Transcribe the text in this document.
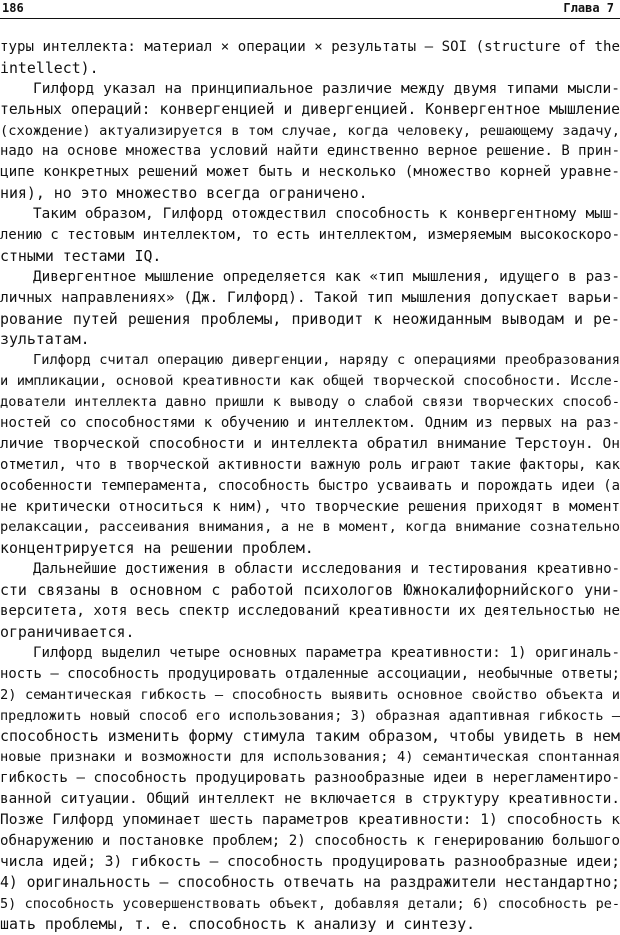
186	Глава 7
туры интеллекта: материал × операции × результаты — SOI (structure of the
intellect).
Гилфорд указал на принципиальное различие между двумя типами мысли-
тельных операций: конвергенцией и дивергенцией. Конвергентное мышление
(схождение) актуализируется в том случае, когда человеку, решающему задачу,
надо на основе множества условий найти единственно верное решение. В прин-
ципе конкретных решений может быть и несколько (множество корней уравне-
ния), но это множество всегда ограничено.
Таким образом, Гилфорд отождествил способность к конвергентному мыш-
лению с тестовым интеллектом, то есть интеллектом, измеряемым высокоскоро-
стными тестами IQ.
Дивергентное мышление определяется как «тип мышления, идущего в раз-
личных направлениях» (Дж. Гилфорд). Такой тип мышления допускает варьи-
рование путей решения проблемы, приводит к неожиданным выводам и ре-
зультатам.
Гилфорд считал операцию дивергенции, наряду с операциями преобразования
и импликации, основой креативности как общей творческой способности. Иссле-
дователи интеллекта давно пришли к выводу о слабой связи творческих способ-
ностей со способностями к обучению и интеллектом. Одним из первых на раз-
личие творческой способности и интеллекта обратил внимание Терстоун. Он
отметил, что в творческой активности важную роль играют такие факторы, как
особенности темперамента, способность быстро усваивать и порождать идеи (а
не критически относиться к ним), что творческие решения приходят в момент
релаксации, рассеивания внимания, а не в момент, когда внимание сознательно
концентрируется на решении проблем.
Дальнейшие достижения в области исследования и тестирования креативно-
сти связаны в основном с работой психологов Южнокалифорнийского уни-
верситета, хотя весь спектр исследований креативности их деятельностью не
ограничивается.
Гилфорд выделил четыре основных параметра креативности: 1) оригиналь-
ность — способность продуцировать отдаленные ассоциации, необычные ответы;
2) семантическая гибкость — способность выявить основное свойство объекта и
предложить новый способ его использования; 3) образная адаптивная гибкость —
способность изменить форму стимула таким образом, чтобы увидеть в нем
новые признаки и возможности для использования; 4) семантическая спонтанная
гибкость — способность продуцировать разнообразные идеи в нерегламентиро-
ванной ситуации. Общий интеллект не включается в структуру креативности.
Позже Гилфорд упоминает шесть параметров креативности: 1) способность к
обнаружению и постановке проблем; 2) способность к генерированию большого
числа идей; 3) гибкость — способность продуцировать разнообразные идеи;
4) оригинальность — способность отвечать на раздражители нестандартно;
5) способность усовершенствовать объект, добавляя детали; 6) способность ре-
шать проблемы, т. е. способность к анализу и синтезу.
